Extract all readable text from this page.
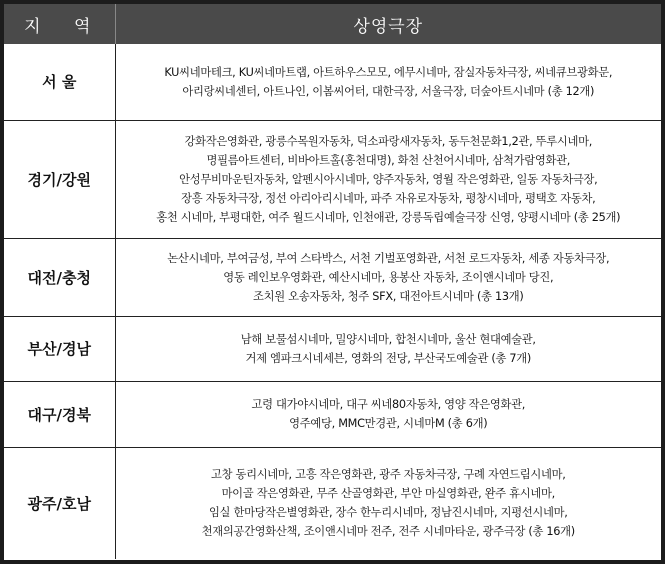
지 역	상영극장
서 울	KU씨네마테크, KU씨네마트랩, 아트하우스모모, 에무시네마, 잠실자동차극장, 씨네큐브광화문,
아리랑씨네센터, 아트나인, 이봄씨어터, 대한극장, 서울극장, 더숲아트시네마 (총 12개)

경기/강원	강화작은영화관, 광릉수목원자동차, 덕소파랑새자동차, 동두천문화1,2관, 뚜루시네마,
명필름아트센터, 비바아트홀(홍천대명), 화천 산천어시네마, 삼척가람영화관,
안성무비마운틴자동차, 알펜시아시네마, 양주자동차, 영월 작은영화관, 일동 자동차극장,
장흥 자동차극장, 정선 아리아리시네마, 파주 자유로자동차, 평창시네마, 평택호 자동차,
홍천 시네마, 부평대한, 여주 월드시네마, 인천애관, 강릉독립예술극장 신영, 양평시네마 (총 25개)

대전/충청	논산시네마, 부여금성, 부여 스타박스, 서천 기벌포영화관, 서천 로드자동차, 세종 자동차극장,
영동 레인보우영화관, 예산시네마, 용봉산 자동차, 조이앤시네마 당진,
조치원 오송자동차, 청주 SFX, 대전아트시네마 (총 13개)

부산/경남	남해 보물섬시네마, 밀양시네마, 합천시네마, 울산 현대예술관,
거제 엠파크시네세븐, 영화의 전당, 부산국도예술관 (총 7개)

대구/경북	고령 대가야시네마, 대구 씨네80자동차, 영양 작은영화관,
영주예당, MMC만경관, 시네마M (총 6개)

광주/호남	고창 동리시네마, 고흥 작은영화관, 광주 자동차극장, 구례 자연드림시네마,
마이골 작은영화관, 무주 산골영화관, 부안 마실영화관, 완주 휴시네마,
임실 한마당작은별영화관, 장수 한누리시네마, 정남진시네마, 지평선시네마,
천재의공간영화산책, 조이앤시네마 전주, 전주 시네마타운, 광주극장 (총 16개)
